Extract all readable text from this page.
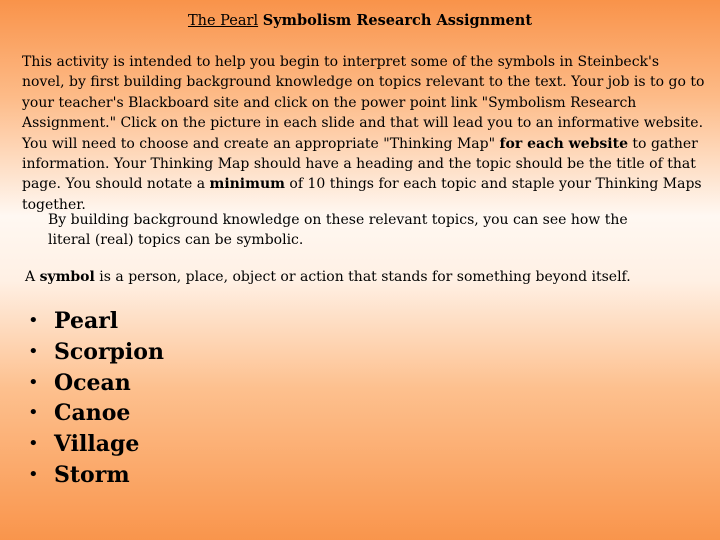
The Pearl Symbolism Research Assignment

This activity is intended to help you begin to interpret some of the symbols in Steinbeck's novel, by first building background knowledge on topics relevant to the text. Your job is to go to your teacher's Blackboard site and click on the power point link "Symbolism Research Assignment." Click on the picture in each slide and that will lead you to an informative website. You will need to choose and create an appropriate "Thinking Map" for each website to gather information. Your Thinking Map should have a heading and the topic should be the title of that page. You should notate a minimum of 10 things for each topic and staple your Thinking Maps together.

By building background knowledge on these relevant topics, you can see how the literal (real) topics can be symbolic.

A symbol is a person, place, object or action that stands for something beyond itself.

• Pearl
• Scorpion
• Ocean
• Canoe
• Village
• Storm
